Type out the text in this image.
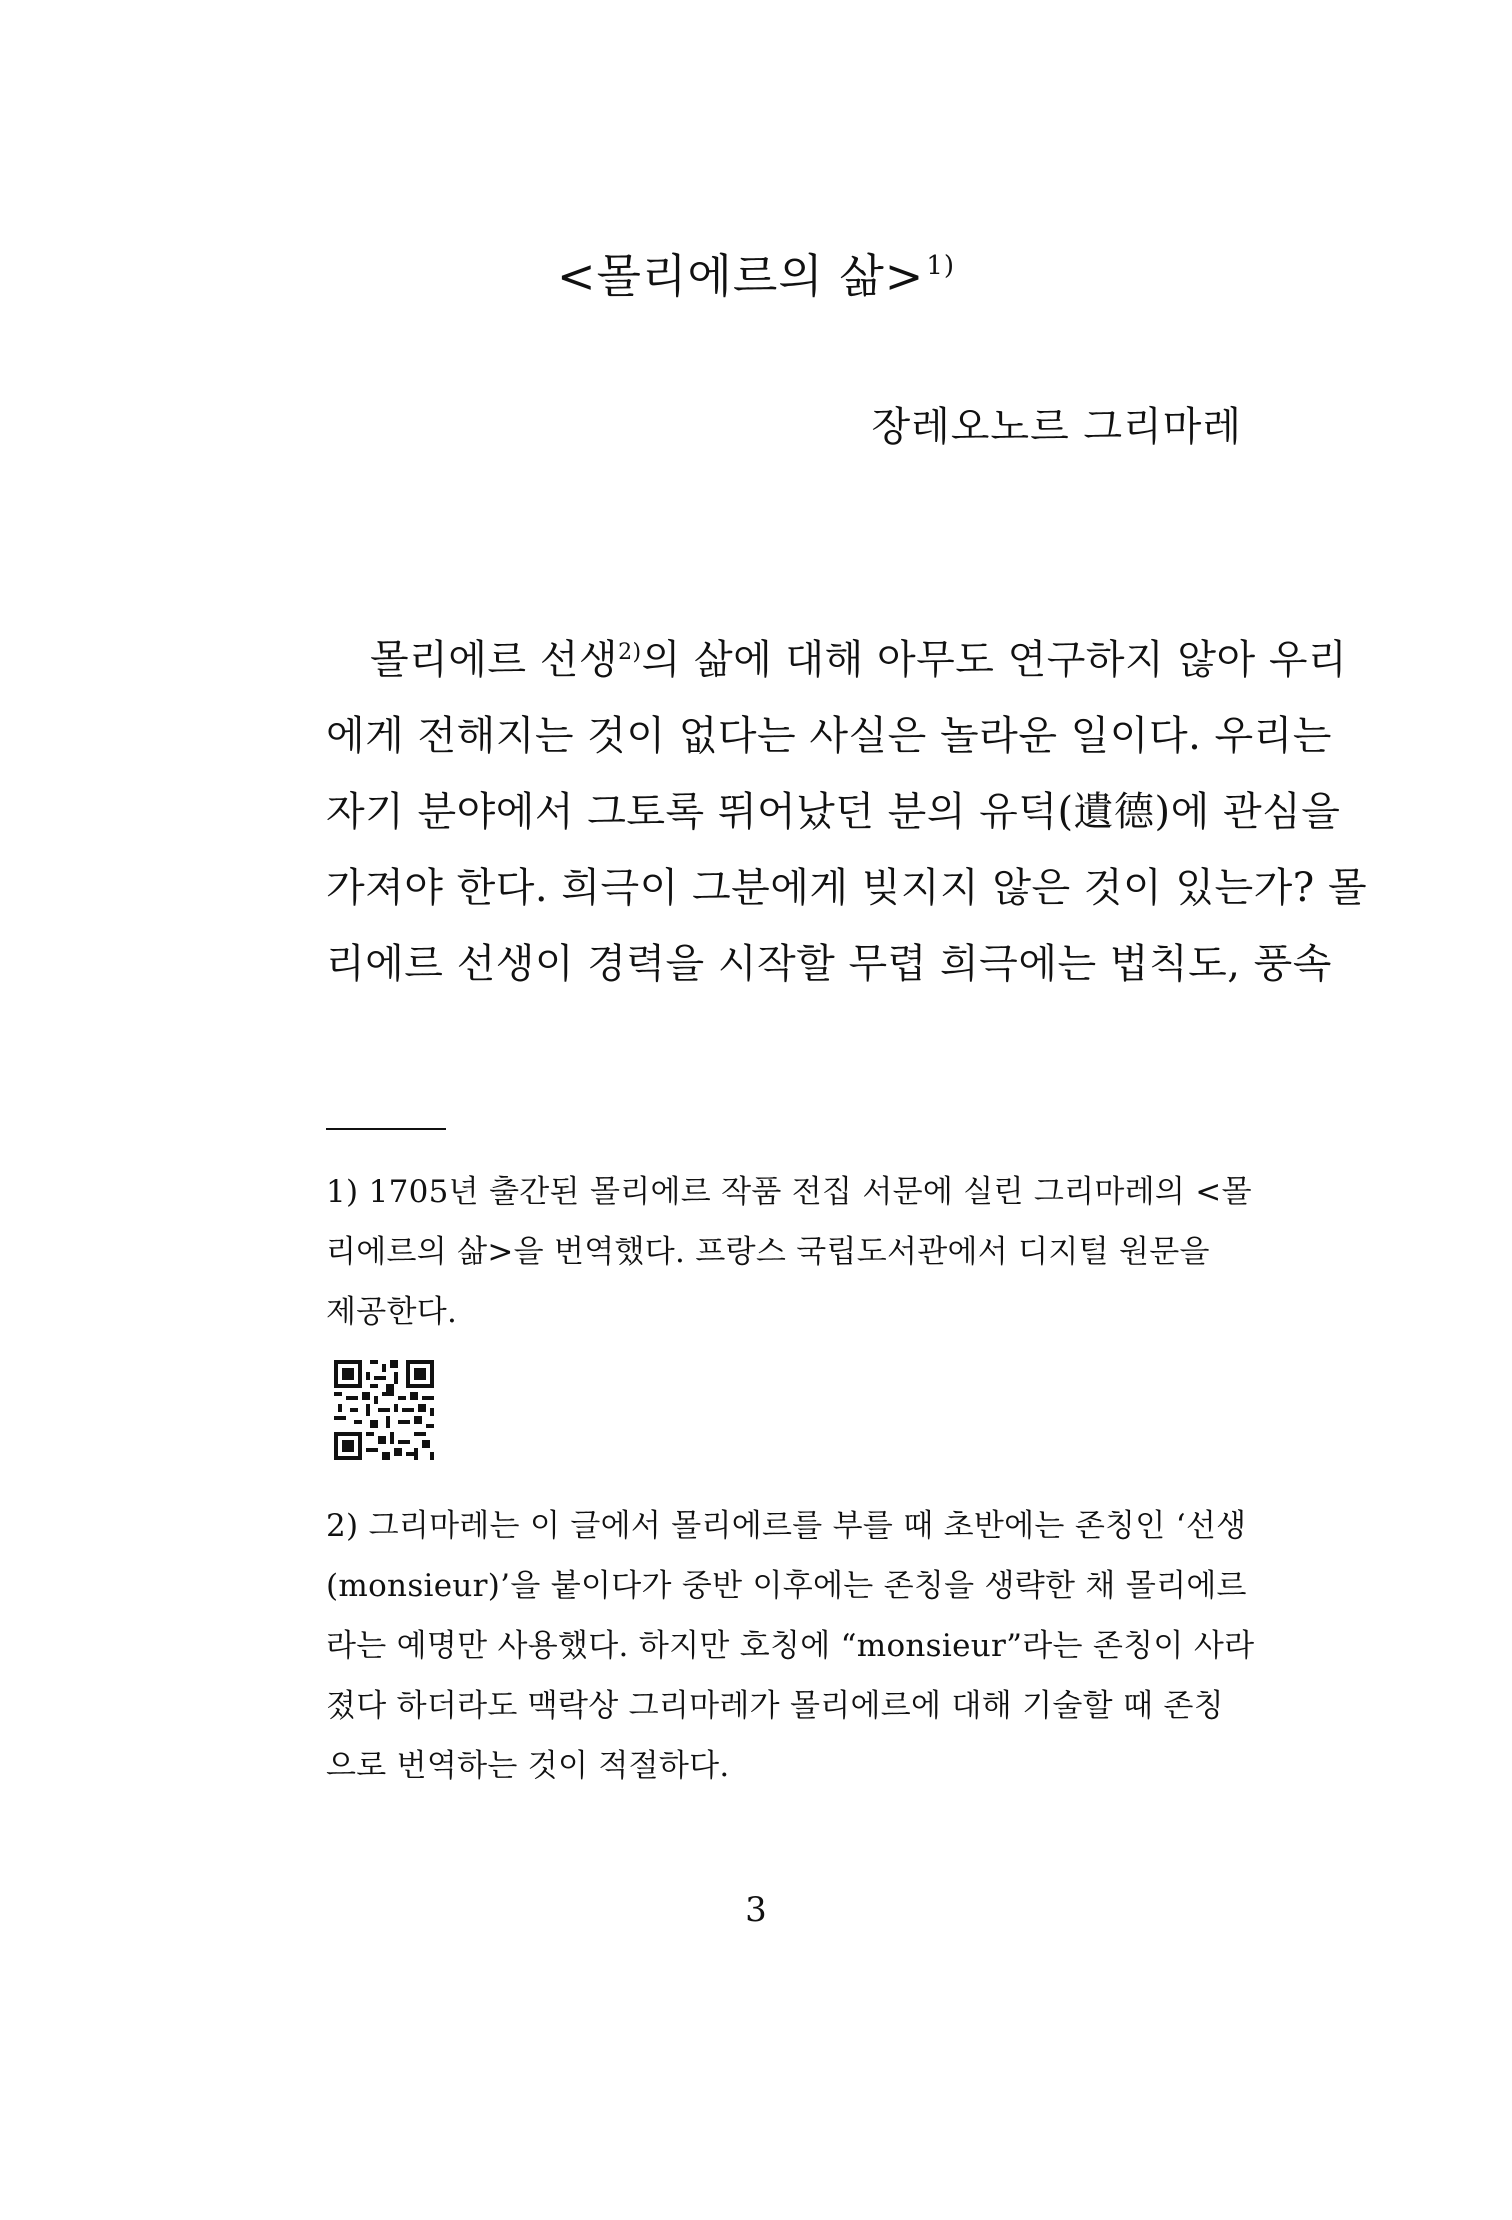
<몰리에르의 삶>$^{1)}$
장레오노르 그리마레
몰리에르 선생$^{2)}$의 삶에 대해 아무도 연구하지 않아 우리
에게 전해지는 것이 없다는 사실은 놀라운 일이다. 우리는
자기 분야에서 그토록 뛰어났던 분의 유덕(遺德)에 관심을
가져야 한다. 희극이 그분에게 빚지지 않은 것이 있는가? 몰
리에르 선생이 경력을 시작할 무렵 희극에는 법칙도, 풍속
1) 1705년 출간된 몰리에르 작품 전집 서문에 실린 그리마레의 <몰
리에르의 삶>을 번역했다. 프랑스 국립도서관에서 디지털 원문을
제공한다.
2) 그리마레는 이 글에서 몰리에르를 부를 때 초반에는 존칭인 ‘선생
(monsieur)’을 붙이다가 중반 이후에는 존칭을 생략한 채 몰리에르
라는 예명만 사용했다. 하지만 호칭에 “monsieur”라는 존칭이 사라
졌다 하더라도 맥락상 그리마레가 몰리에르에 대해 기술할 때 존칭
으로 번역하는 것이 적절하다.
3
